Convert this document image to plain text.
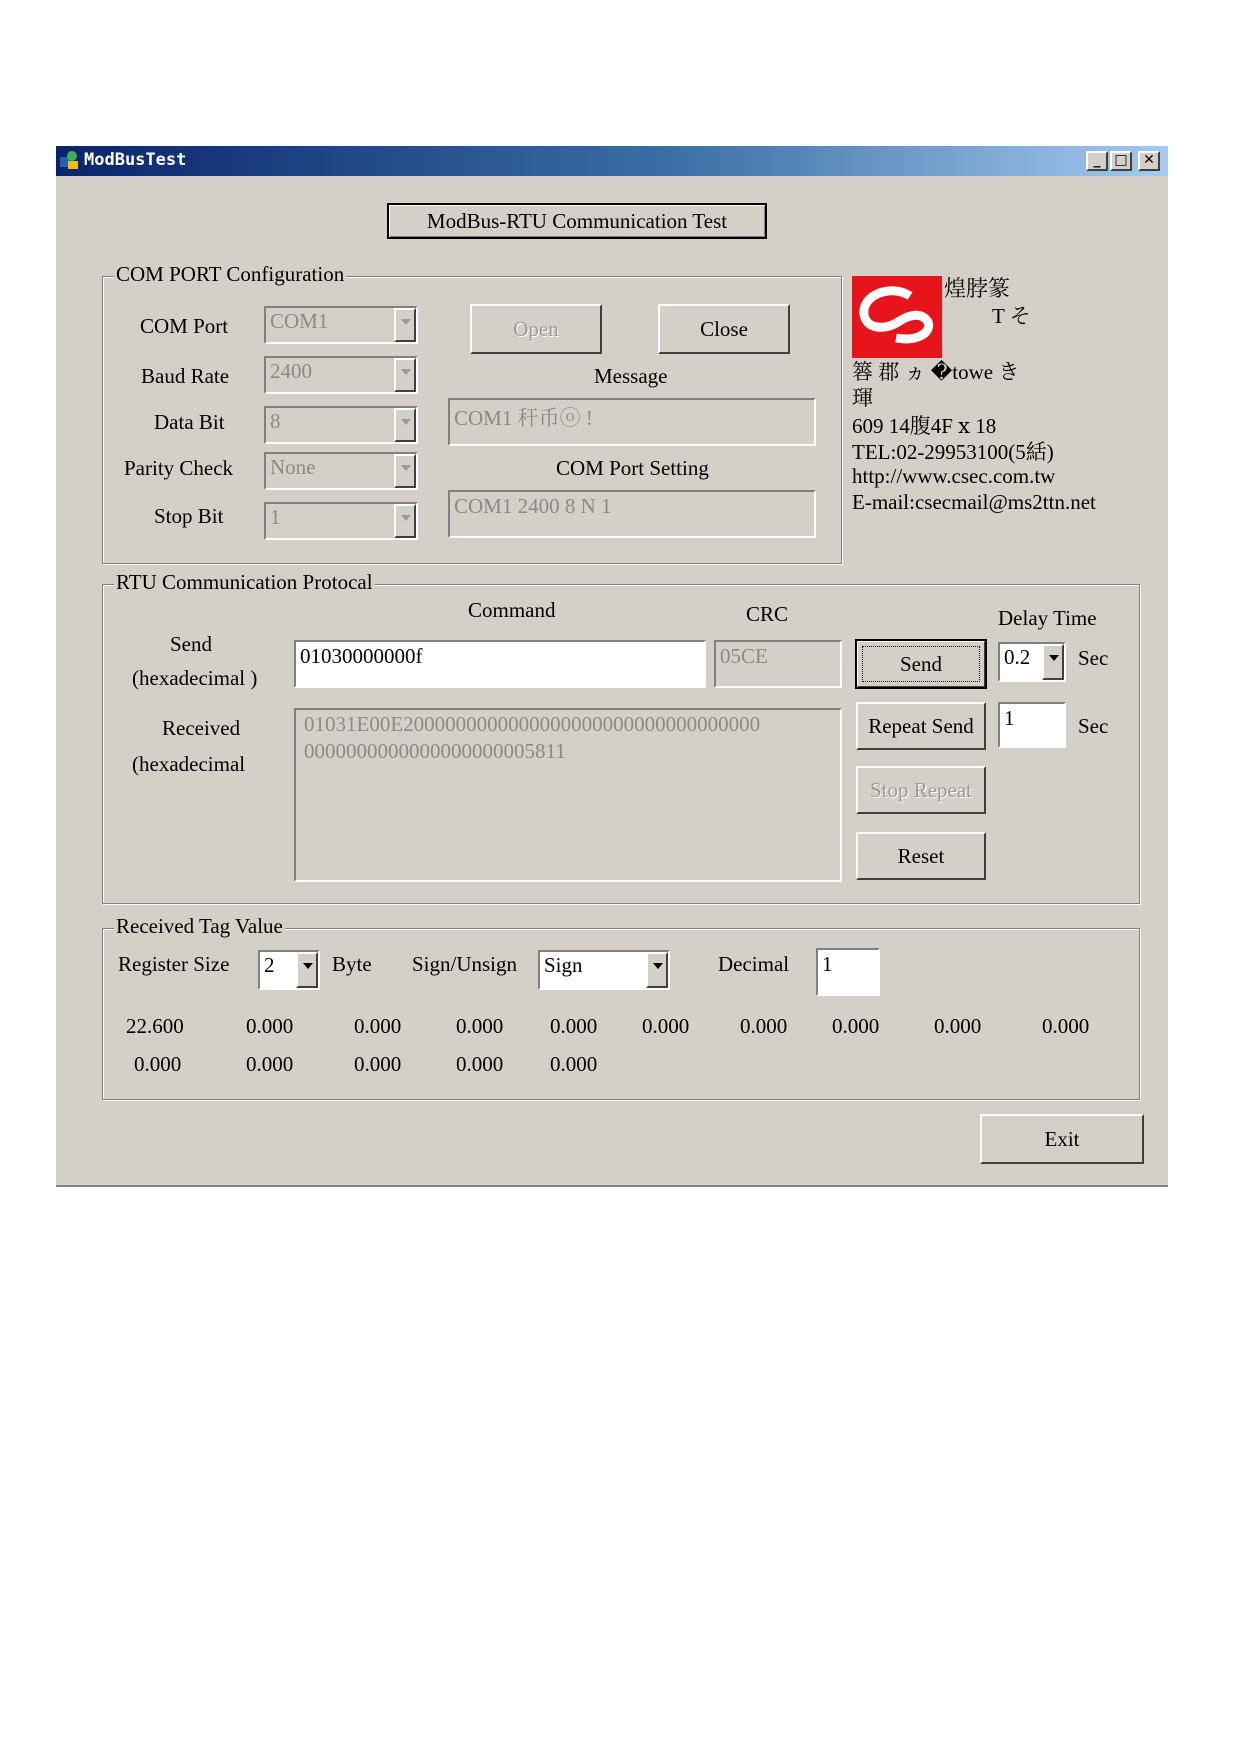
ModBusTest	_ □	✕
ModBus-RTU Communication Test
COM PORT Configuration
COM Port COM1
Baud Rate 2400
Data Bit 8
Parity Check None
Stop Bit 1
Open	Close
Message
COM1 秆币ⓞ !
COM Port Setting
COM1 2400 8 N 1
煌脖篆
T そ
簭 郡 ヵ �towe き
琿
609 14腹4F ⅹ 18
TEL:02-29953100(5絬)
http://www.csec.com.tw
E-mail:csecmail@ms2ttn.net
RTU Communication Protocal
Command	CRC	Delay Time
Send
(hexadecimal )
01030000000f	05CE	Send	0.2 Sec
Received
(hexadecimal
01031E00E2000000000000000000000000000000000
0000000000000000000005811
Repeat Send 1	Sec
Stop Repeat
Reset
Received Tag Value
Register Size 2	Byte Sign/Unsign Sign	Decimal 1
22.600	0.000	0.000	0.000 0.000 0.000 0.000 0.000	0.000	0.000
0.000	0.000	0.000	0.000 0.000
Exit
